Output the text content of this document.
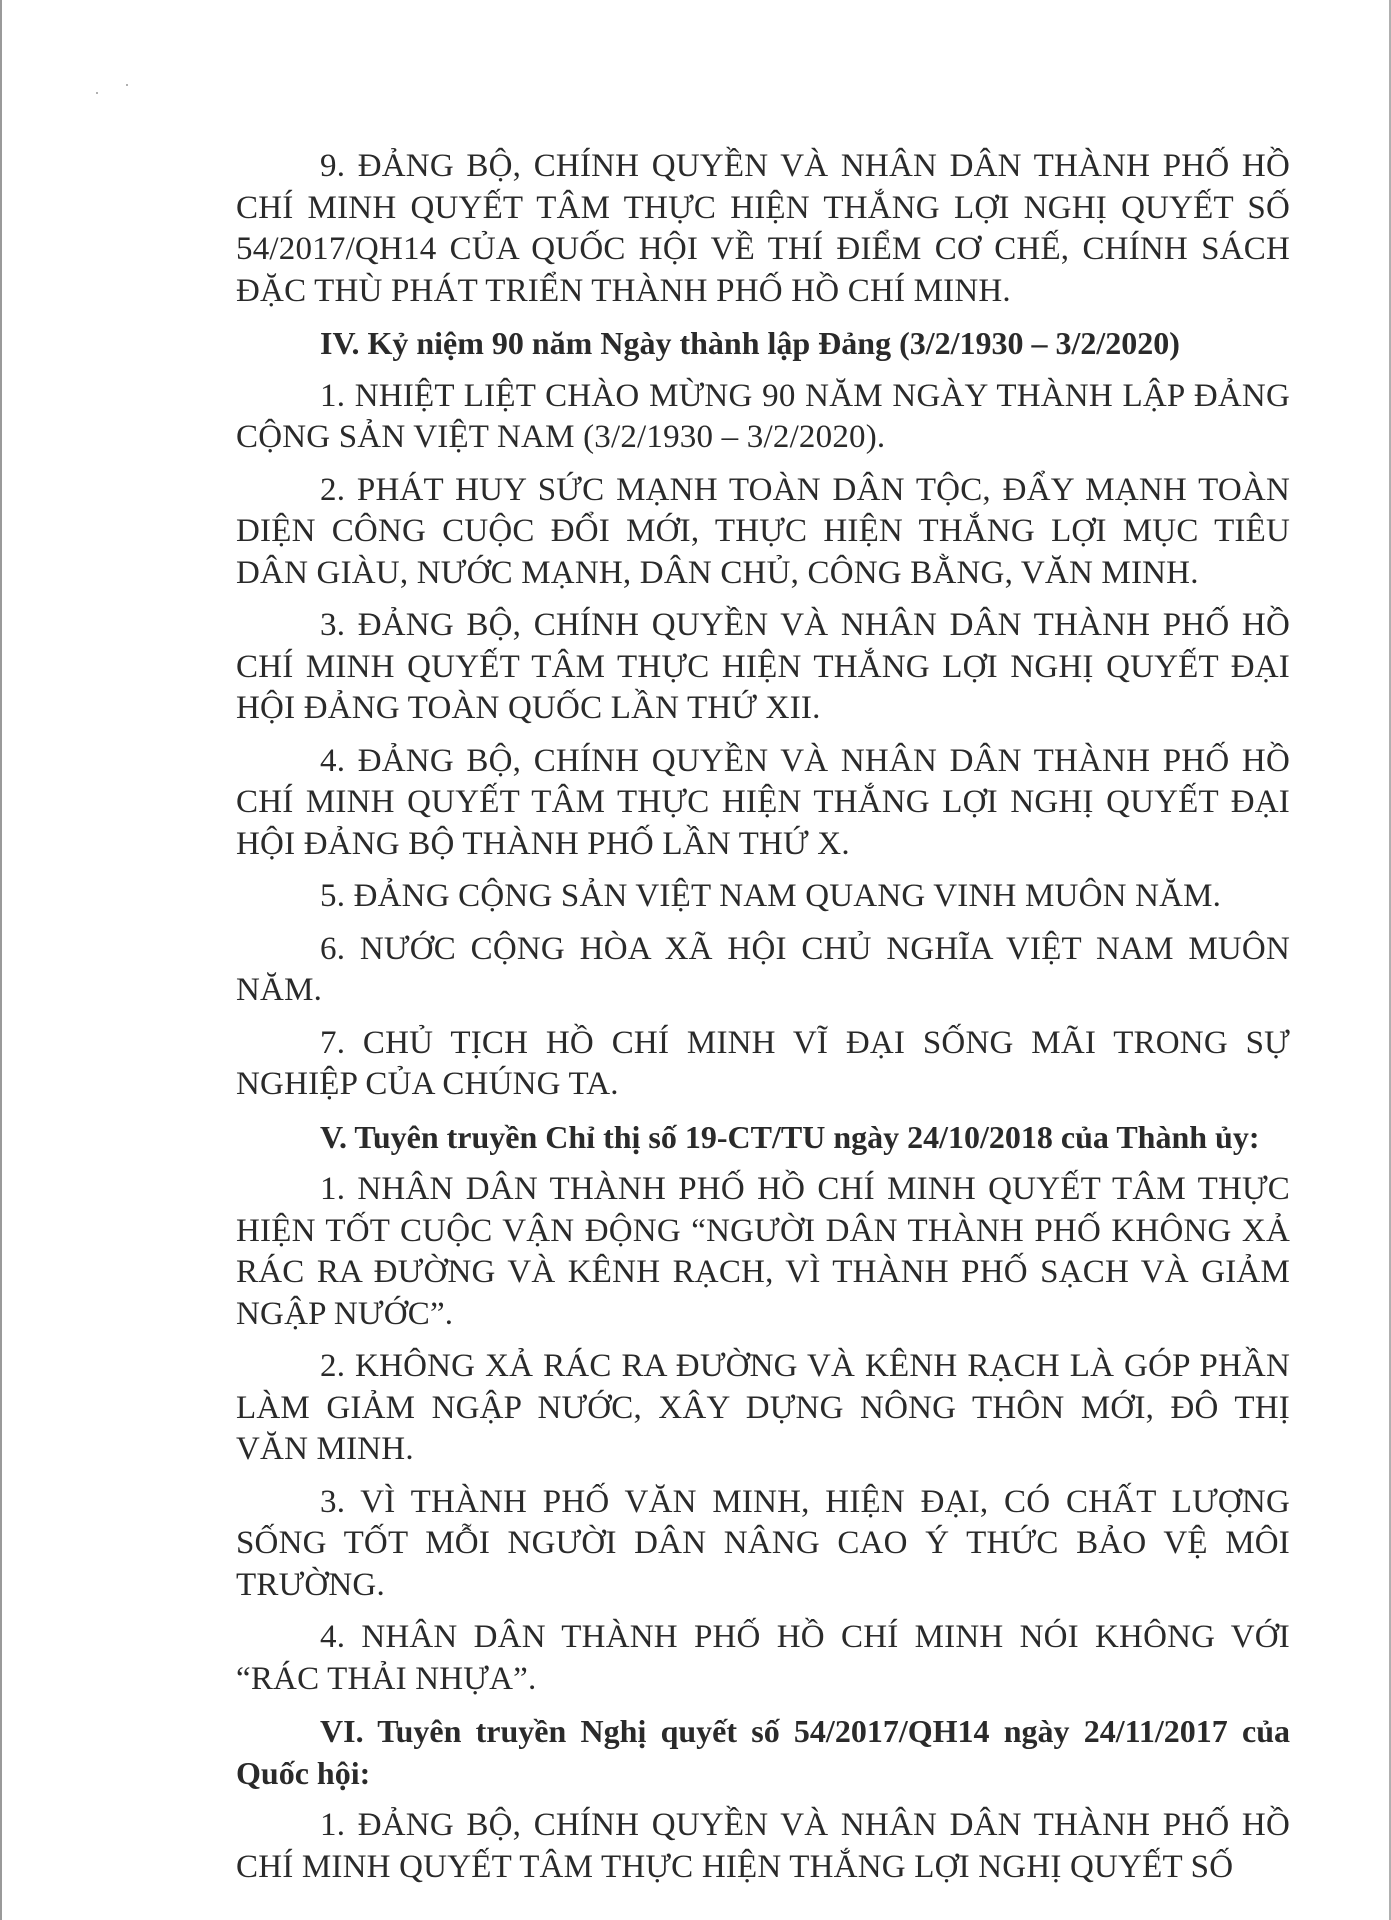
9. ĐẢNG BỘ, CHÍNH QUYỀN VÀ NHÂN DÂN THÀNH PHỐ HỒ CHÍ MINH QUYẾT TÂM THỰC HIỆN THẮNG LỢI NGHỊ QUYẾT SỐ 54/2017/QH14 CỦA QUỐC HỘI VỀ THÍ ĐIỂM CƠ CHẾ, CHÍNH SÁCH ĐẶC THÙ PHÁT TRIỂN THÀNH PHỐ HỒ CHÍ MINH.

IV. Kỷ niệm 90 năm Ngày thành lập Đảng (3/2/1930 – 3/2/2020)

1. NHIỆT LIỆT CHÀO MỪNG 90 NĂM NGÀY THÀNH LẬP ĐẢNG CỘNG SẢN VIỆT NAM (3/2/1930 – 3/2/2020).

2. PHÁT HUY SỨC MẠNH TOÀN DÂN TỘC, ĐẨY MẠNH TOÀN DIỆN CÔNG CUỘC ĐỔI MỚI, THỰC HIỆN THẮNG LỢI MỤC TIÊU DÂN GIÀU, NƯỚC MẠNH, DÂN CHỦ, CÔNG BẰNG, VĂN MINH.

3. ĐẢNG BỘ, CHÍNH QUYỀN VÀ NHÂN DÂN THÀNH PHỐ HỒ CHÍ MINH QUYẾT TÂM THỰC HIỆN THẮNG LỢI NGHỊ QUYẾT ĐẠI HỘI ĐẢNG TOÀN QUỐC LẦN THỨ XII.

4. ĐẢNG BỘ, CHÍNH QUYỀN VÀ NHÂN DÂN THÀNH PHỐ HỒ CHÍ MINH QUYẾT TÂM THỰC HIỆN THẮNG LỢI NGHỊ QUYẾT ĐẠI HỘI ĐẢNG BỘ THÀNH PHỐ LẦN THỨ X.

5. ĐẢNG CỘNG SẢN VIỆT NAM QUANG VINH MUÔN NĂM.

6. NƯỚC CỘNG HÒA XÃ HỘI CHỦ NGHĨA VIỆT NAM MUÔN NĂM.

7. CHỦ TỊCH HỒ CHÍ MINH VĨ ĐẠI SỐNG MÃI TRONG SỰ NGHIỆP CỦA CHÚNG TA.

V. Tuyên truyền Chỉ thị số 19-CT/TU ngày 24/10/2018 của Thành ủy:

1. NHÂN DÂN THÀNH PHỐ HỒ CHÍ MINH QUYẾT TÂM THỰC HIỆN TỐT CUỘC VẬN ĐỘNG “NGƯỜI DÂN THÀNH PHỐ KHÔNG XẢ RÁC RA ĐƯỜNG VÀ KÊNH RẠCH, VÌ THÀNH PHỐ SẠCH VÀ GIẢM NGẬP NƯỚC”.

2. KHÔNG XẢ RÁC RA ĐƯỜNG VÀ KÊNH RẠCH LÀ GÓP PHẦN LÀM GIẢM NGẬP NƯỚC, XÂY DỰNG NÔNG THÔN MỚI, ĐÔ THỊ VĂN MINH.

3. VÌ THÀNH PHỐ VĂN MINH, HIỆN ĐẠI, CÓ CHẤT LƯỢNG SỐNG TỐT MỖI NGƯỜI DÂN NÂNG CAO Ý THỨC BẢO VỆ MÔI TRƯỜNG.

4. NHÂN DÂN THÀNH PHỐ HỒ CHÍ MINH NÓI KHÔNG VỚI “RÁC THẢI NHỰA”.

VI. Tuyên truyền Nghị quyết số 54/2017/QH14 ngày 24/11/2017 của Quốc hội:

1. ĐẢNG BỘ, CHÍNH QUYỀN VÀ NHÂN DÂN THÀNH PHỐ HỒ CHÍ MINH QUYẾT TÂM THỰC HIỆN THẮNG LỢI NGHỊ QUYẾT SỐ
